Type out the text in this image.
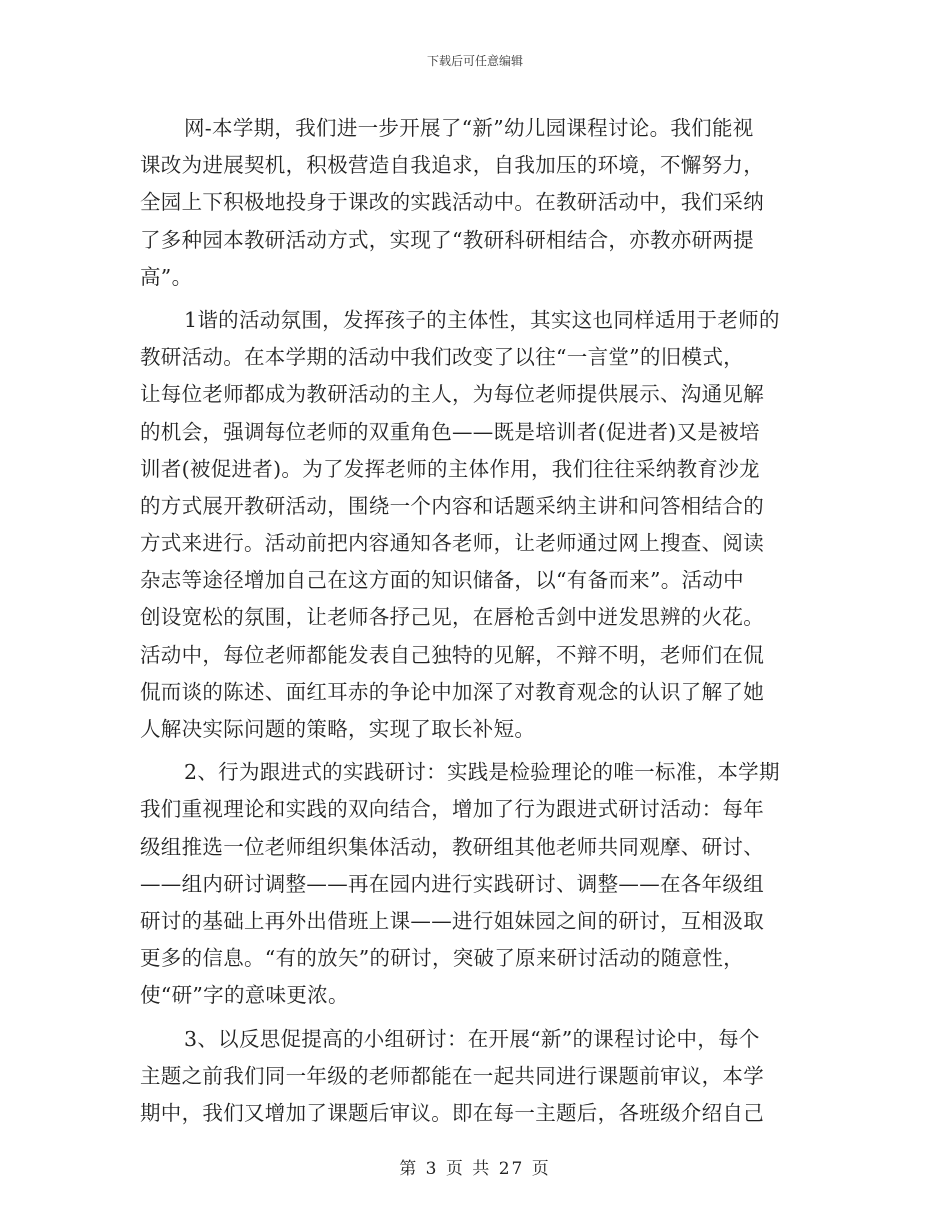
下载后可任意编辑
网-本学期，我们进一步开展了“新”幼儿园课程讨论。我们能视
课改为进展契机，积极营造自我追求，自我加压的环境，不懈努力，
全园上下积极地投身于课改的实践活动中。在教研活动中，我们采纳
了多种园本教研活动方式，实现了“教研科研相结合，亦教亦研两提
高”。
1谐的活动氛围，发挥孩子的主体性，其实这也同样适用于老师的
教研活动。在本学期的活动中我们改变了以往“一言堂”的旧模式，
让每位老师都成为教研活动的主人，为每位老师提供展示、沟通见解
的机会，强调每位老师的双重角色——既是培训者(促进者)又是被培
训者(被促进者)。为了发挥老师的主体作用，我们往往采纳教育沙龙
的方式展开教研活动，围绕一个内容和话题采纳主讲和问答相结合的
方式来进行。活动前把内容通知各老师，让老师通过网上搜查、阅读
杂志等途径增加自己在这方面的知识储备，以“有备而来”。活动中
创设宽松的氛围，让老师各抒己见，在唇枪舌剑中迸发思辨的火花。
活动中，每位老师都能发表自己独特的见解，不辩不明，老师们在侃
侃而谈的陈述、面红耳赤的争论中加深了对教育观念的认识了解了她
人解决实际问题的策略，实现了取长补短。
2、行为跟进式的实践研讨：实践是检验理论的唯一标准，本学期
我们重视理论和实践的双向结合，增加了行为跟进式研讨活动：每年
级组推选一位老师组织集体活动，教研组其他老师共同观摩、研讨、
——组内研讨调整——再在园内进行实践研讨、调整——在各年级组
研讨的基础上再外出借班上课——进行姐妹园之间的研讨，互相汲取
更多的信息。“有的放矢”的研讨，突破了原来研讨活动的随意性，
使“研”字的意味更浓。
3、以反思促提高的小组研讨：在开展“新”的课程讨论中，每个
主题之前我们同一年级的老师都能在一起共同进行课题前审议，本学
期中，我们又增加了课题后审议。即在每一主题后，各班级介绍自己
第 3 页 共 27 页
